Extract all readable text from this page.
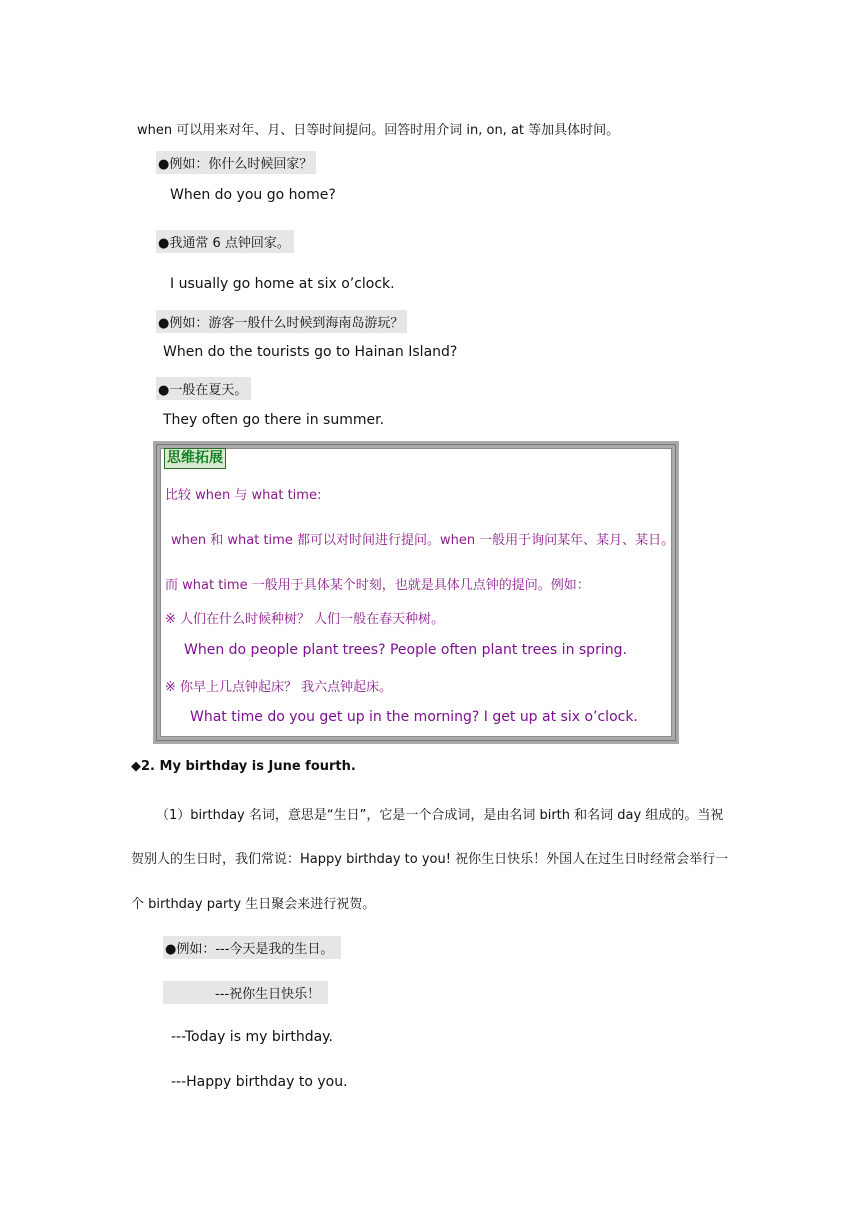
when 可以用来对年、月、日等时间提问。回答时用介词 in, on, at 等加具体时间。
●例如：你什么时候回家？
When do you go home?
●我通常 6 点钟回家。
I usually go home at six o’clock.
●例如：游客一般什么时候到海南岛游玩？
When do the tourists go to Hainan Island?
●一般在夏天。
They often go there in summer.
思维拓展
比较 when 与 what time:
when 和 what time 都可以对时间进行提问。when 一般用于询问某年、某月、某日。
而 what time 一般用于具体某个时刻，也就是具体几点钟的提问。例如：
※ 人们在什么时候种树？ 人们一般在春天种树。
When do people plant trees? People often plant trees in spring.
※ 你早上几点钟起床？ 我六点钟起床。
What time do you get up in the morning? I get up at six o’clock.
◆2. My birthday is June fourth.
（1）birthday 名词，意思是“生日”，它是一个合成词，是由名词 birth 和名词 day 组成的。当祝
贺别人的生日时，我们常说：Happy birthday to you! 祝你生日快乐！外国人在过生日时经常会举行一
个 birthday party 生日聚会来进行祝贺。
●例如：---今天是我的生日。
---祝你生日快乐！
---Today is my birthday.
---Happy birthday to you.
